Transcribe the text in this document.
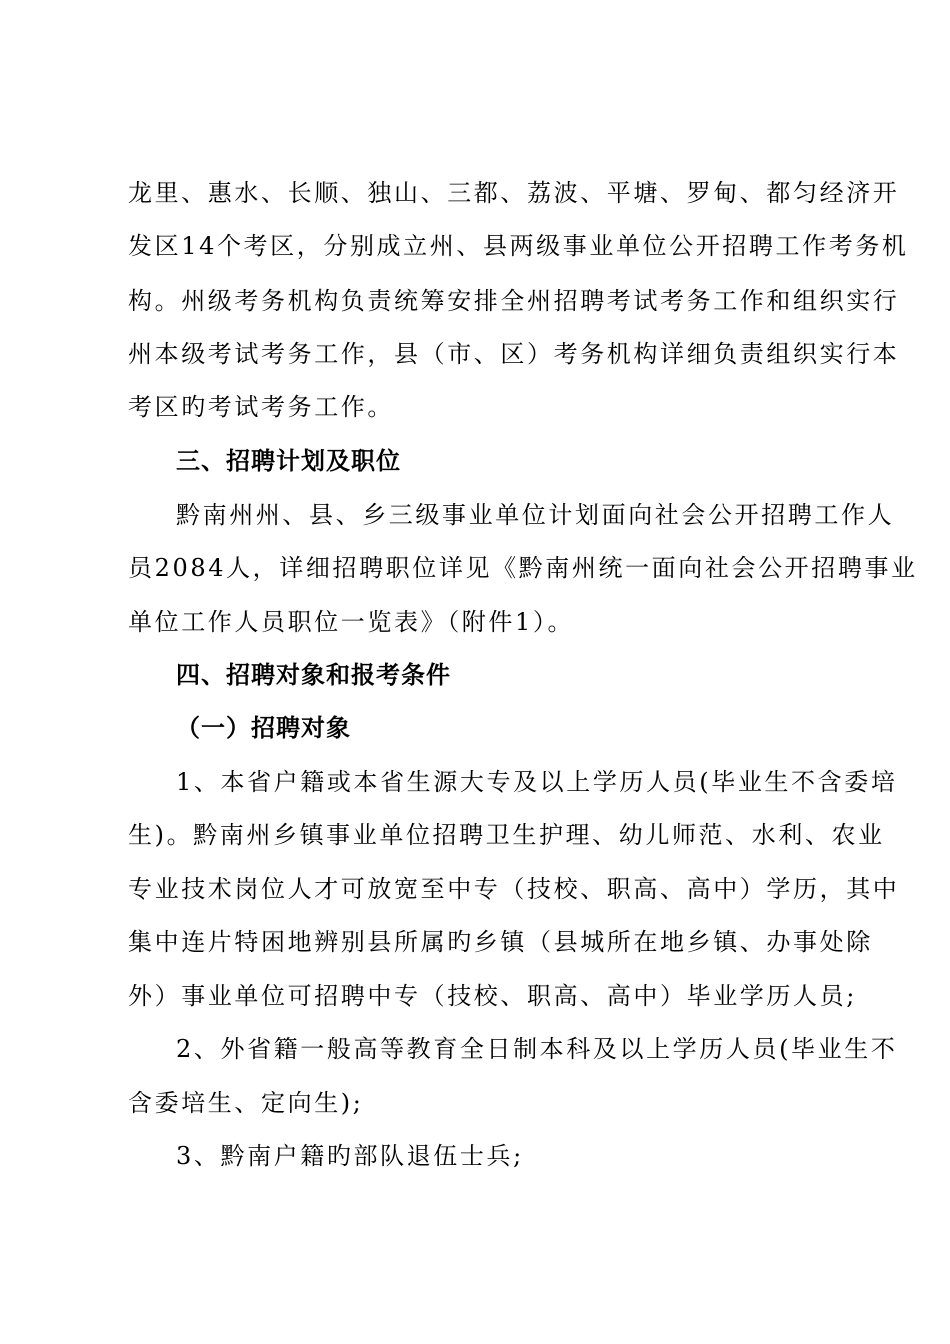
龙里、惠水、长顺、独山、三都、荔波、平塘、罗甸、都匀经济开
发区14个考区，分别成立州、县两级事业单位公开招聘工作考务机
构。州级考务机构负责统筹安排全州招聘考试考务工作和组织实行
州本级考试考务工作，县（市、区）考务机构详细负责组织实行本
考区旳考试考务工作。
三、招聘计划及职位
黔南州州、县、乡三级事业单位计划面向社会公开招聘工作人
员2084人，详细招聘职位详见《黔南州统一面向社会公开招聘事业
单位工作人员职位一览表》（附件1）。
四、招聘对象和报考条件
（一）招聘对象
1、本省户籍或本省生源大专及以上学历人员(毕业生不含委培
生)。黔南州乡镇事业单位招聘卫生护理、幼儿师范、水利、农业
专业技术岗位人才可放宽至中专（技校、职高、高中）学历，其中
集中连片特困地辨别县所属旳乡镇（县城所在地乡镇、办事处除
外）事业单位可招聘中专（技校、职高、高中）毕业学历人员;
2、外省籍一般高等教育全日制本科及以上学历人员(毕业生不
含委培生、定向生);
3、黔南户籍旳部队退伍士兵;
